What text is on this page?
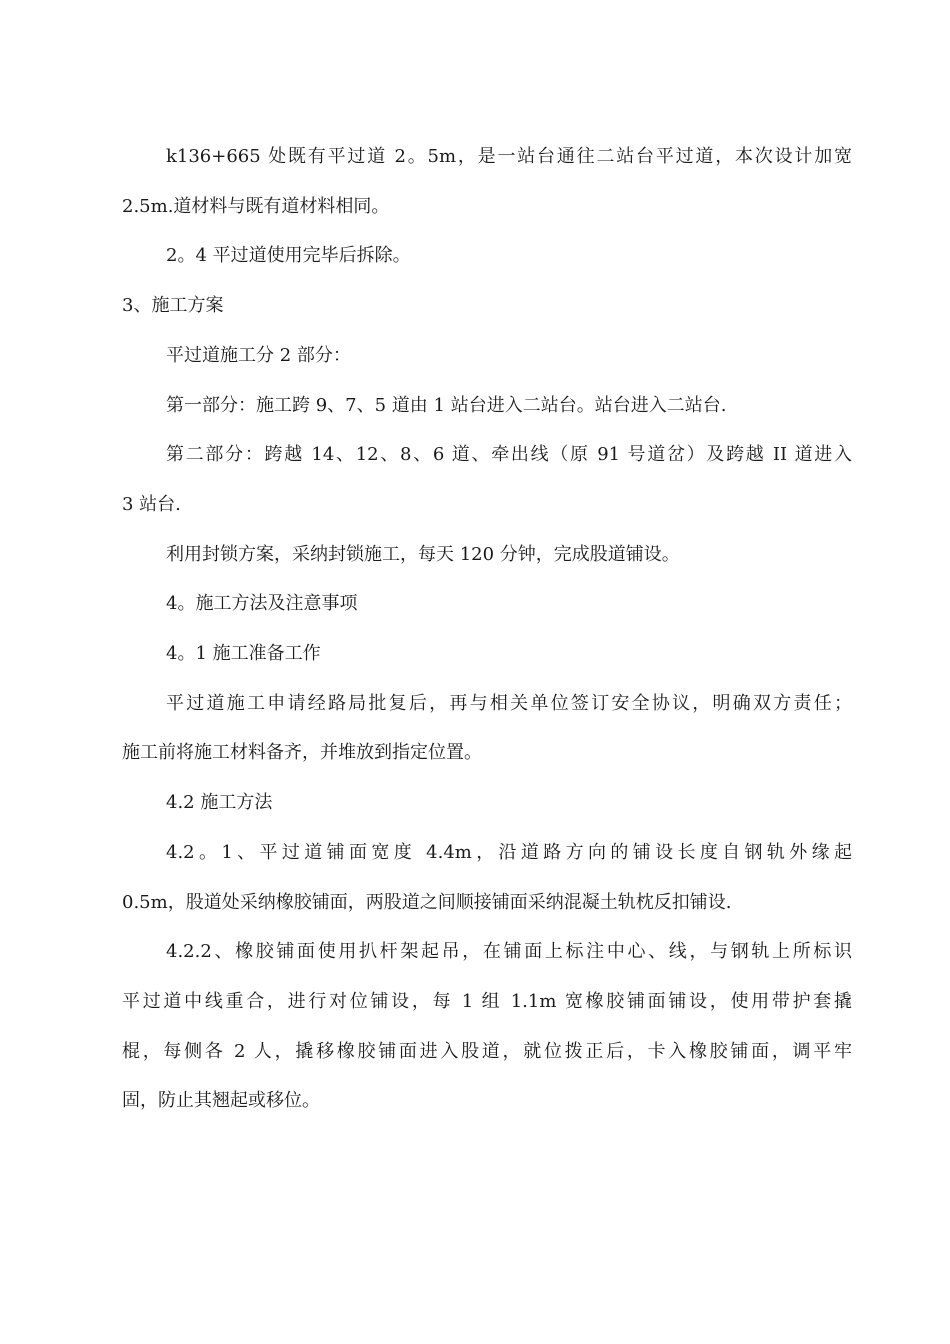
k136+665 处既有平过道 2。5m，是一站台通往二站台平过道，本次设计加宽
2.5m.道材料与既有道材料相同。
2。4 平过道使用完毕后拆除。
3、施工方案
平过道施工分 2 部分：
第一部分：施工跨 9、7、5 道由 1 站台进入二站台。站台进入二站台.
第二部分：跨越 14、12、8、6 道、牵出线（原 91 号道岔）及跨越 II 道进入
3 站台.
利用封锁方案，采纳封锁施工，每天 120 分钟，完成股道铺设。
4。施工方法及注意事项
4。1 施工准备工作
平过道施工申请经路局批复后，再与相关单位签订安全协议，明确双方责任；
施工前将施工材料备齐，并堆放到指定位置。
4.2 施工方法
4.2。1、平过道铺面宽度 4.4m，沿道路方向的铺设长度自钢轨外缘起
0.5m，股道处采纳橡胶铺面，两股道之间顺接铺面采纳混凝土轨枕反扣铺设.
4.2.2、橡胶铺面使用扒杆架起吊，在铺面上标注中心、线，与钢轨上所标识
平过道中线重合，进行对位铺设，每 1 组 1.1m 宽橡胶铺面铺设，使用带护套撬
棍，每侧各 2 人，撬移橡胶铺面进入股道，就位拨正后，卡入橡胶铺面，调平牢
固，防止其翘起或移位。
